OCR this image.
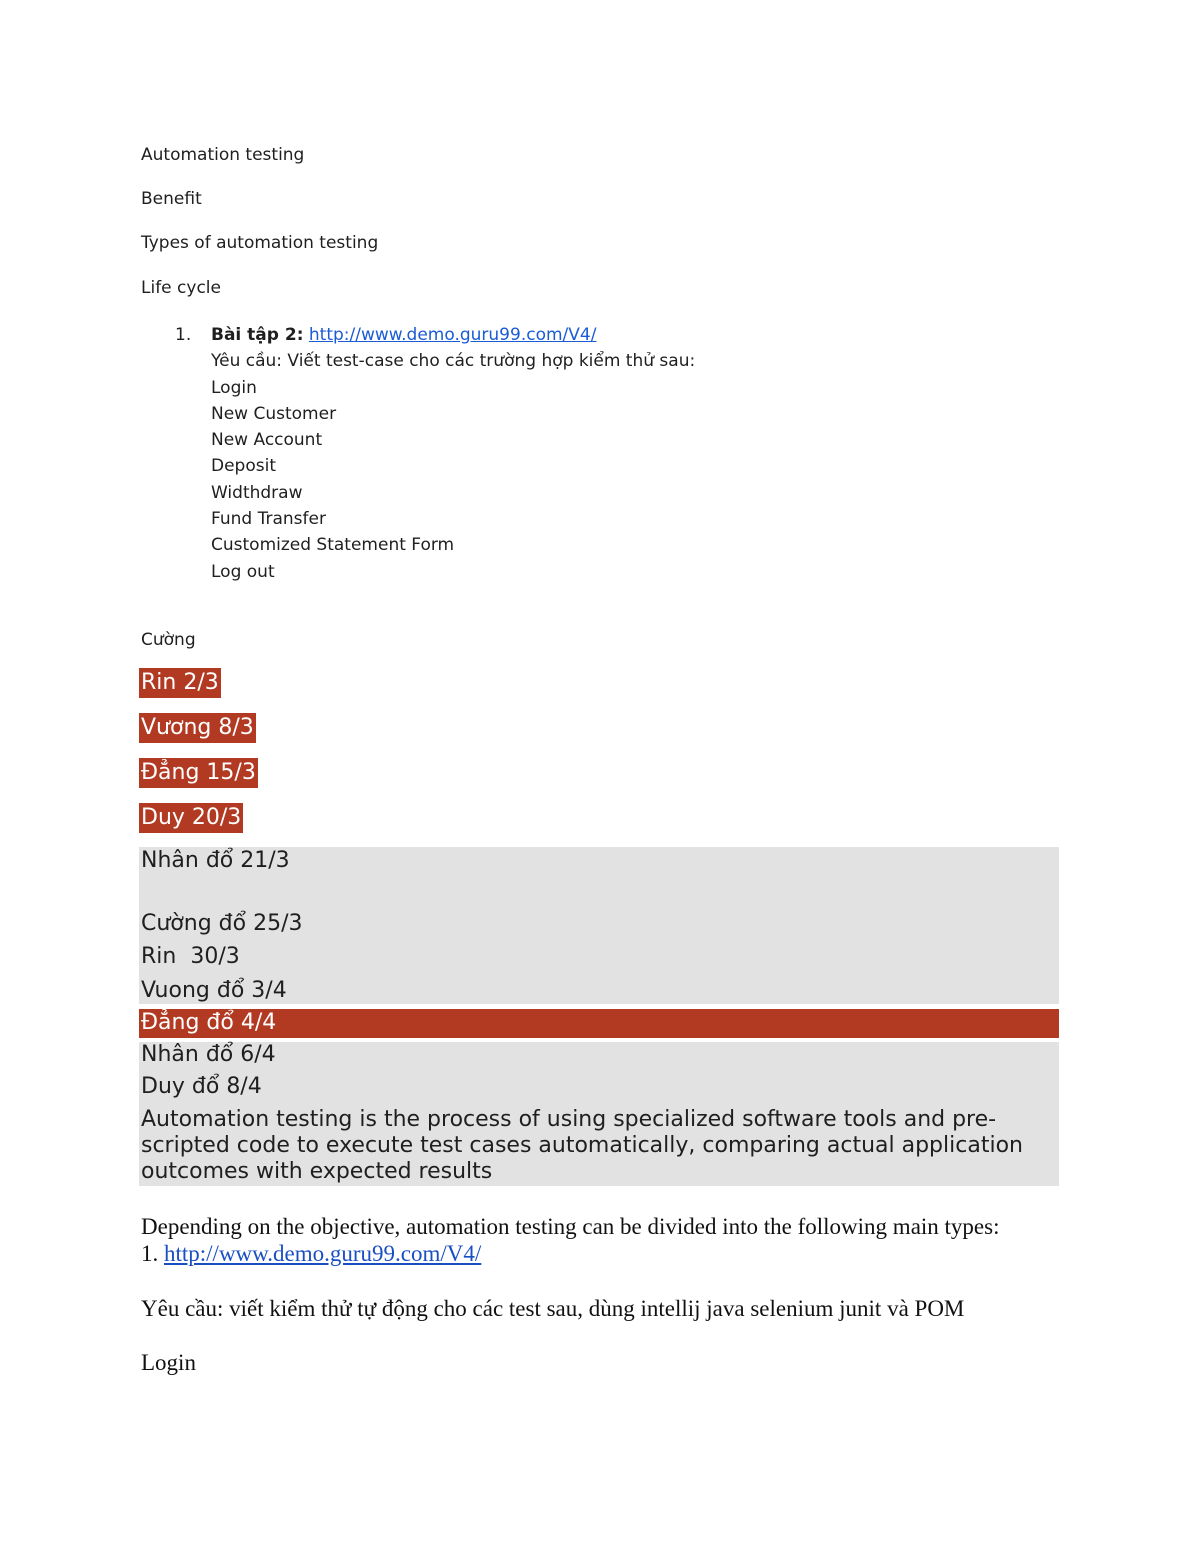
Automation testing
Benefit
Types of automation testing
Life cycle
1. Bài tập 2: http://www.demo.guru99.com/V4/
Yêu cầu: Viết test-case cho các trường hợp kiểm thử sau:
Login
New Customer
New Account
Deposit
Widthdraw
Fund Transfer
Customized Statement Form
Log out
Cường
Rin 2/3
Vương 8/3
Đẳng 15/3
Duy 20/3
Nhân đổ 21/3
Cường đổ 25/3
Rin  30/3
Vuong đổ 3/4
Đẳng đổ 4/4
Nhân đổ 6/4
Duy đổ 8/4
Automation testing is the process of using specialized software tools and pre-
scripted code to execute test cases automatically, comparing actual application
outcomes with expected results
Depending on the objective, automation testing can be divided into the following main types:
1. http://www.demo.guru99.com/V4/
Yêu cầu: viết kiểm thử tự động cho các test sau, dùng intellij java selenium junit và POM
Login
